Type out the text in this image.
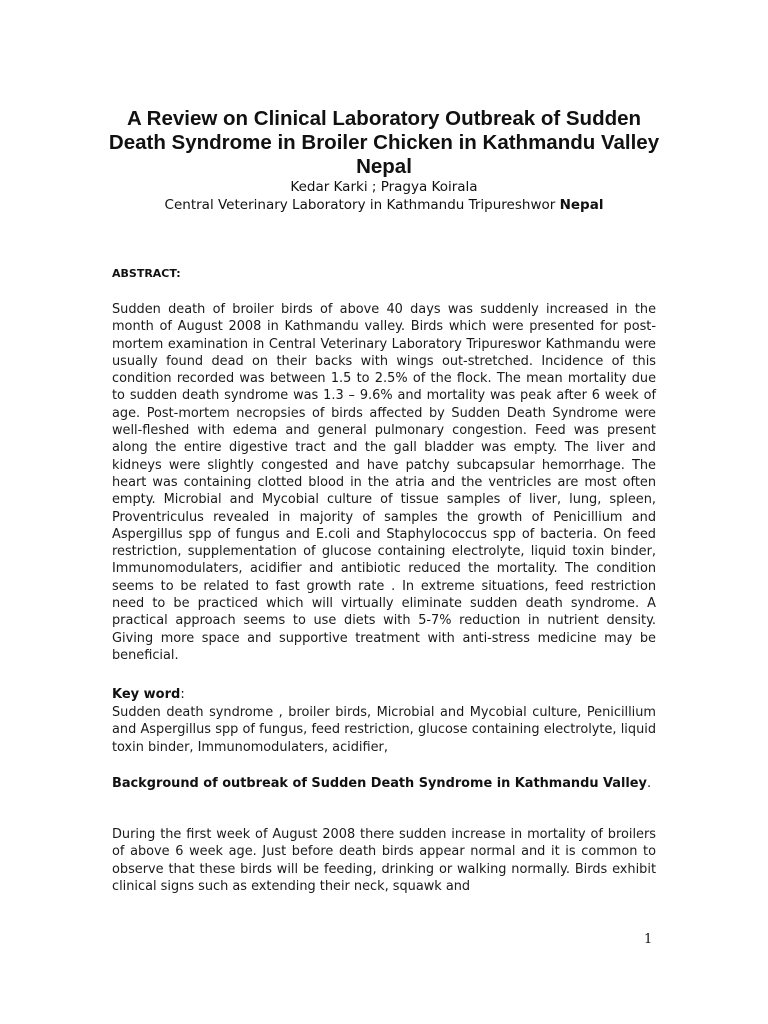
A Review on Clinical Laboratory Outbreak of Sudden Death Syndrome in Broiler Chicken in Kathmandu Valley Nepal
Kedar Karki ; Pragya Koirala
Central Veterinary Laboratory in Kathmandu Tripureshwor Nepal
ABSTRACT:
Sudden death of broiler birds of above 40 days was suddenly increased in the month of August 2008 in Kathmandu valley. Birds which were presented for post-mortem examination in Central Veterinary Laboratory Tripureswor Kathmandu were usually found dead on their backs with wings out-stretched. Incidence of this condition recorded was between 1.5 to 2.5% of the flock. The mean mortality due to sudden death syndrome was 1.3 – 9.6% and mortality was peak after 6 week of age. Post-mortem necropsies of birds affected by Sudden Death Syndrome were well-fleshed with edema and general pulmonary congestion. Feed was present along the entire digestive tract and the gall bladder was empty. The liver and kidneys were slightly congested and have patchy subcapsular hemorrhage. The heart was containing clotted blood in the atria and the ventricles are most often empty. Microbial and Mycobial culture of tissue samples of liver, lung, spleen, Proventriculus revealed in majority of samples the growth of Penicillium and Aspergillus spp of fungus and E.coli and Staphylococcus spp of bacteria. On feed restriction, supplementation of glucose containing electrolyte, liquid toxin binder, Immunomodulaters, acidifier and antibiotic reduced the mortality. The condition seems to be related to fast growth rate . In extreme situations, feed restriction need to be practiced which will virtually eliminate sudden death syndrome. A practical approach seems to use diets with 5-7% reduction in nutrient density. Giving more space and supportive treatment with anti-stress medicine may be beneficial.
Key word:
Sudden death syndrome , broiler birds, Microbial and Mycobial culture, Penicillium and Aspergillus spp of fungus, feed restriction, glucose containing electrolyte, liquid toxin binder, Immunomodulaters, acidifier,
Background of outbreak of Sudden Death Syndrome in Kathmandu Valley.
During the first week of August 2008 there sudden increase in mortality of broilers of above 6 week age. Just before death birds appear normal and it is common to observe that these birds will be feeding, drinking or walking normally. Birds exhibit clinical signs such as extending their neck, squawk and
1
